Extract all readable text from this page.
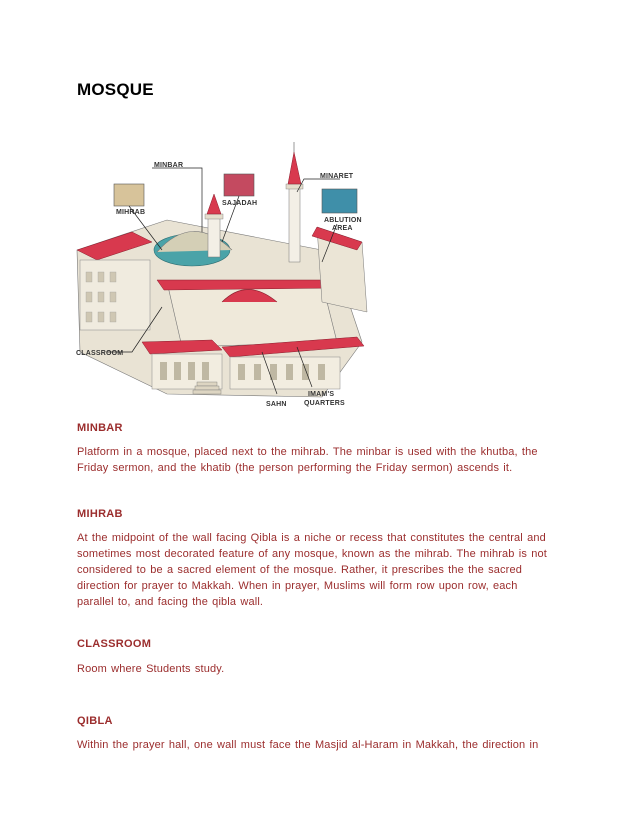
MOSQUE
MINBAR
MIHRAB
SAJADAH
MINARET
ABLUTION
AREA
CLASSROOM
SAHN
IMAM'S
QUARTERS
MINBAR

Platform in a mosque, placed next to the mihrab. The minbar is used with the khutba, the

Friday sermon, and the khatib (the person performing the Friday sermon) ascends it.

MIHRAB

At the midpoint of the wall facing Qibla is a niche or recess that constitutes the central and

sometimes most decorated feature of any mosque, known as the mihrab. The mihrab is not

considered to be a sacred element of the mosque. Rather, it prescribes the the sacred

direction for prayer to Makkah. When in prayer, Muslims will form row upon row, each

parallel to, and facing the qibla wall.

CLASSROOM

Room where Students study.

QIBLA

Within the prayer hall, one wall must face the Masjid al-Haram in Makkah, the direction in
